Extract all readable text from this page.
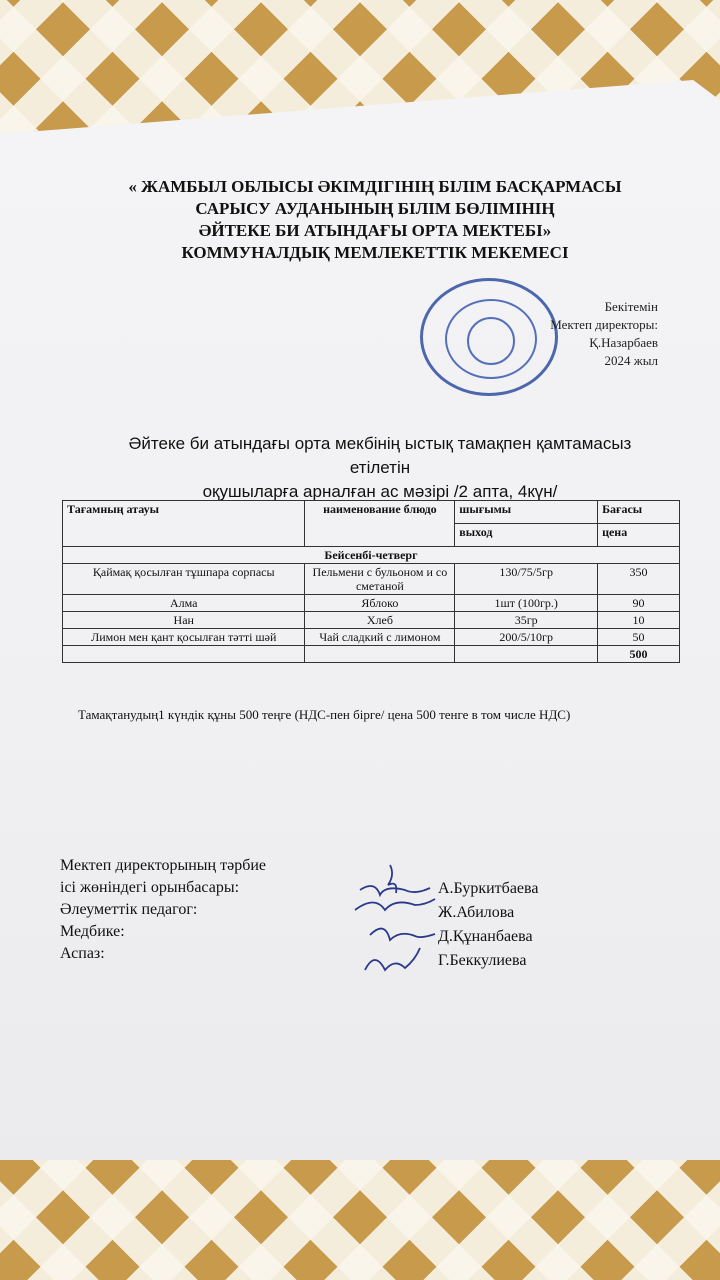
« ЖАМБЫЛ ОБЛЫСЫ ӘКІМДІГІНІҢ БІЛІМ БАСҚАРМАСЫ
САРЫСУ АУДАНЫНЫҢ БІЛІМ БӨЛІМІНІҢ
ӘЙТЕКЕ БИ АТЫНДАҒЫ ОРТА МЕКТЕБІ»
КОММУНАЛДЫҚ МЕМЛЕКЕТТІК МЕКЕМЕСІ
Бекітемін
Мектеп директоры:
Қ.Назарбаев
2024 жыл
Әйтеке би атындағы орта мекбінің ыстық тамақпен қамтамасыз етілетін
оқушыларға арналған ас мәзірі /2 апта, 4күн/
Тағамның атауы	наименование блюдо	шығымы	Бағасы
		выход	цена
Бейсенбі-четверг			
Қаймақ қосылған тұшпара сорпасы	Пельмени с бульоном и со сметаной	130/75/5гр	350
Алма	Яблоко	1шт (100гр.)	90
Нан	Хлеб	35гр	10
Лимон мен қант қосылған тәтті шәй	Чай сладкий с лимоном	200/5/10гр	50
			500
Тамақтанудың1 күндік құны 500 теңге (НДС-пен бірге/ цена 500 тенге в том числе НДС)
Мектеп директорының тәрбие
ісі жөніндегі орынбасары:
Әлеуметтік педагог:
Медбике:
Аспаз:
А.Буркитбаева
Ж.Абилова
Д.Құнанбаева
Г.Беккулиева
